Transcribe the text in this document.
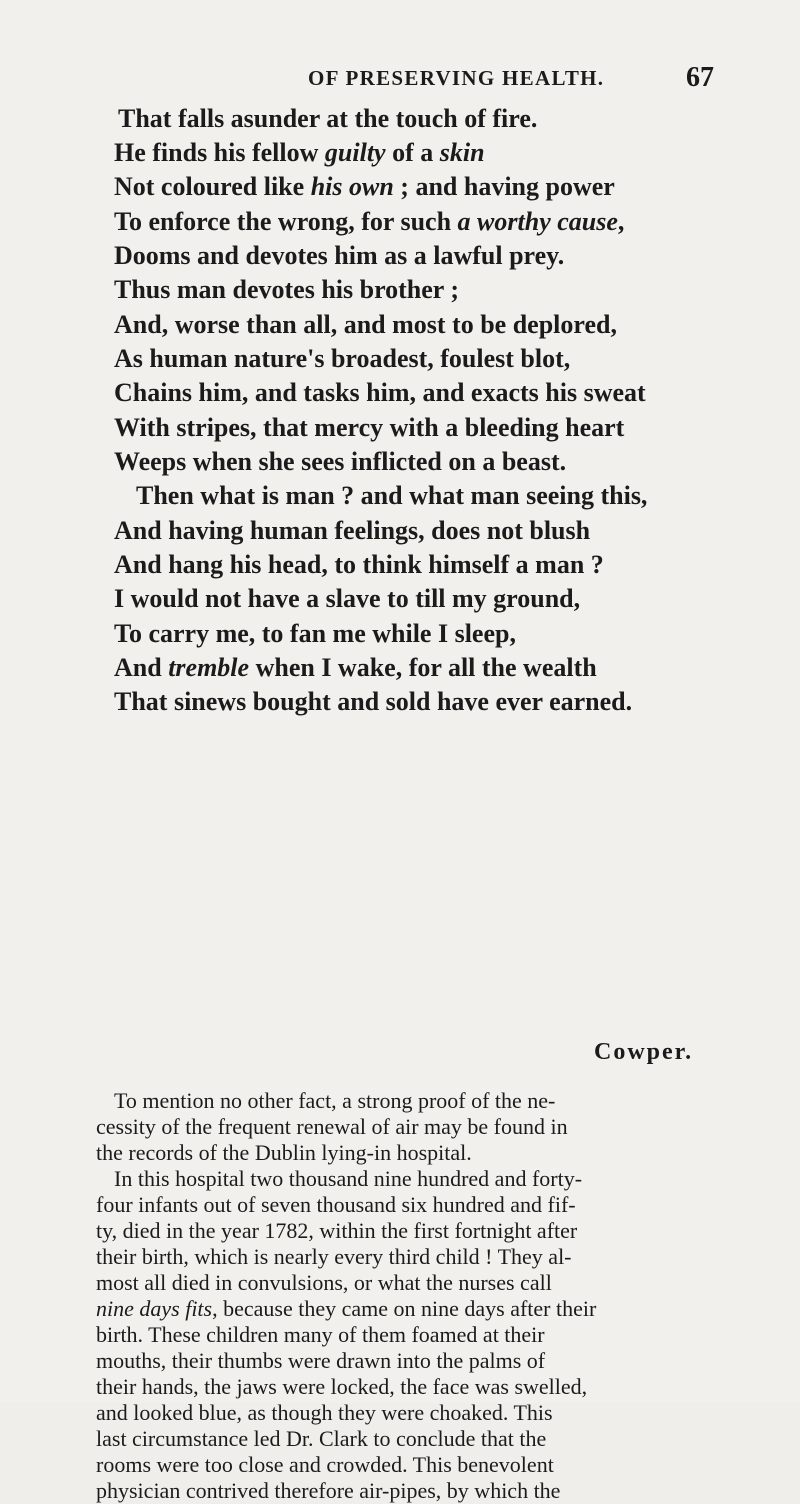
OF PRESERVING HEALTH.	67
That falls asunder at the touch of fire.
He finds his fellow guilty of a skin
Not coloured like his own ; and having power
To enforce the wrong, for such a worthy cause,
Dooms and devotes him as a lawful prey.
Thus man devotes his brother ;
And, worse than all, and most to be deplored,
As human nature's broadest, foulest blot,
Chains him, and tasks him, and exacts his sweat
With stripes, that mercy with a bleeding heart
Weeps when she sees inflicted on a beast.
Then what is man ? and what man seeing this,
And having human feelings, does not blush
And hang his head, to think himself a man ?
I would not have a slave to till my ground,
To carry me, to fan me while I sleep,
And tremble when I wake, for all the wealth
That sinews bought and sold have ever earned.
Cowper.
To mention no other fact, a strong proof of the ne-
cessity of the frequent renewal of air may be found in
the records of the Dublin lying-in hospital.
In this hospital two thousand nine hundred and forty-
four infants out of seven thousand six hundred and fif-
ty, died in the year 1782, within the first fortnight after
their birth, which is nearly every third child ! They al-
most all died in convulsions, or what the nurses call
nine days fits, because they came on nine days after their
birth. These children many of them foamed at their
mouths, their thumbs were drawn into the palms of
their hands, the jaws were locked, the face was swelled,
and looked blue, as though they were choaked. This
last circumstance led Dr. Clark to conclude that the
rooms were too close and crowded. This benevolent
physician contrived therefore air-pipes, by which the
